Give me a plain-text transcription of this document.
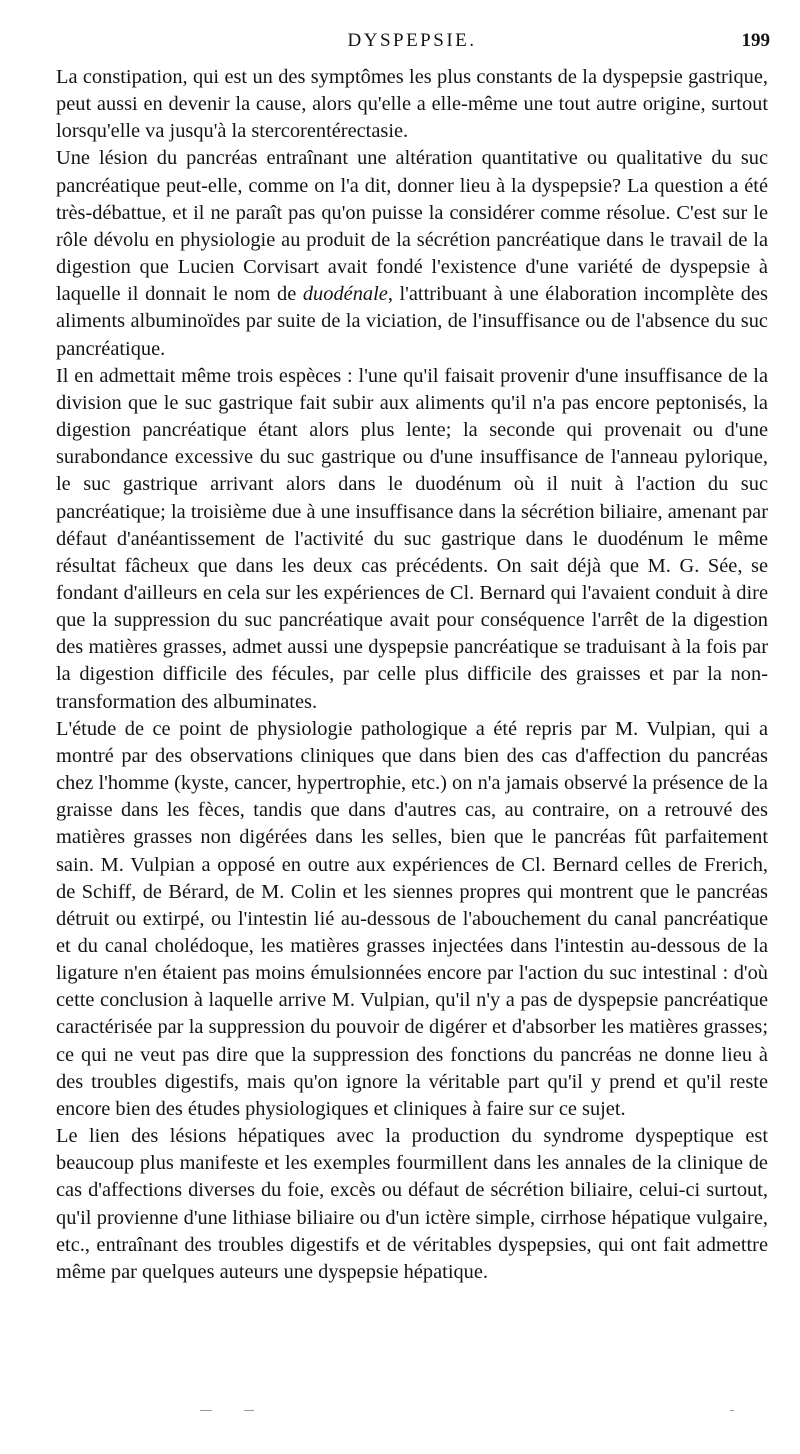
DYSPEPSIE.	199

La constipation, qui est un des symptômes les plus constants de la dyspepsie gastrique, peut aussi en devenir la cause, alors qu'elle a elle-même une tout autre origine, surtout lorsqu'elle va jusqu'à la stercorentérectasie.

Une lésion du pancréas entraînant une altération quantitative ou qualitative du suc pancréatique peut-elle, comme on l'a dit, donner lieu à la dyspepsie? La question a été très-débattue, et il ne paraît pas qu'on puisse la considérer comme résolue. C'est sur le rôle dévolu en physiologie au produit de la sécrétion pancréatique dans le travail de la digestion que Lucien Corvisart avait fondé l'existence d'une variété de dyspepsie à laquelle il donnait le nom de duodénale, l'attribuant à une élaboration incomplète des aliments albuminoïdes par suite de la viciation, de l'insuffisance ou de l'absence du suc pancréatique.

Il en admettait même trois espèces : l'une qu'il faisait provenir d'une insuffisance de la division que le suc gastrique fait subir aux aliments qu'il n'a pas encore peptonisés, la digestion pancréatique étant alors plus lente; la seconde qui provenait ou d'une surabondance excessive du suc gastrique ou d'une insuffisance de l'anneau pylorique, le suc gastrique arrivant alors dans le duodénum où il nuit à l'action du suc pancréatique; la troisième due à une insuffisance dans la sécrétion biliaire, amenant par défaut d'anéantissement de l'activité du suc gastrique dans le duodénum le même résultat fâcheux que dans les deux cas précédents. On sait déjà que M. G. Sée, se fondant d'ailleurs en cela sur les expériences de Cl. Bernard qui l'avaient conduit à dire que la suppression du suc pancréatique avait pour conséquence l'arrêt de la digestion des matières grasses, admet aussi une dyspepsie pancréatique se traduisant à la fois par la digestion difficile des fécules, par celle plus difficile des graisses et par la non-transformation des albuminates.

L'étude de ce point de physiologie pathologique a été repris par M. Vulpian, qui a montré par des observations cliniques que dans bien des cas d'affection du pancréas chez l'homme (kyste, cancer, hypertrophie, etc.) on n'a jamais observé la présence de la graisse dans les fèces, tandis que dans d'autres cas, au contraire, on a retrouvé des matières grasses non digérées dans les selles, bien que le pancréas fût parfaitement sain. M. Vulpian a opposé en outre aux expériences de Cl. Bernard celles de Frerich, de Schiff, de Bérard, de M. Colin et les siennes propres qui montrent que le pancréas détruit ou extirpé, ou l'intestin lié au-dessous de l'abouchement du canal pancréatique et du canal cholédoque, les matières grasses injectées dans l'intestin au-dessous de la ligature n'en étaient pas moins émulsionnées encore par l'action du suc intestinal : d'où cette conclusion à laquelle arrive M. Vulpian, qu'il n'y a pas de dyspepsie pancréatique caractérisée par la suppression du pouvoir de digérer et d'absorber les matières grasses; ce qui ne veut pas dire que la suppression des fonctions du pancréas ne donne lieu à des troubles digestifs, mais qu'on ignore la véritable part qu'il y prend et qu'il reste encore bien des études physiologiques et cliniques à faire sur ce sujet.

Le lien des lésions hépatiques avec la production du syndrome dyspeptique est beaucoup plus manifeste et les exemples fourmillent dans les annales de la clinique de cas d'affections diverses du foie, excès ou défaut de sécrétion biliaire, celui-ci surtout, qu'il provienne d'une lithiase biliaire ou d'un ictère simple, cirrhose hépatique vulgaire, etc., entraînant des troubles digestifs et de véritables dyspepsies, qui ont fait admettre même par quelques auteurs une dyspepsie hépatique.
